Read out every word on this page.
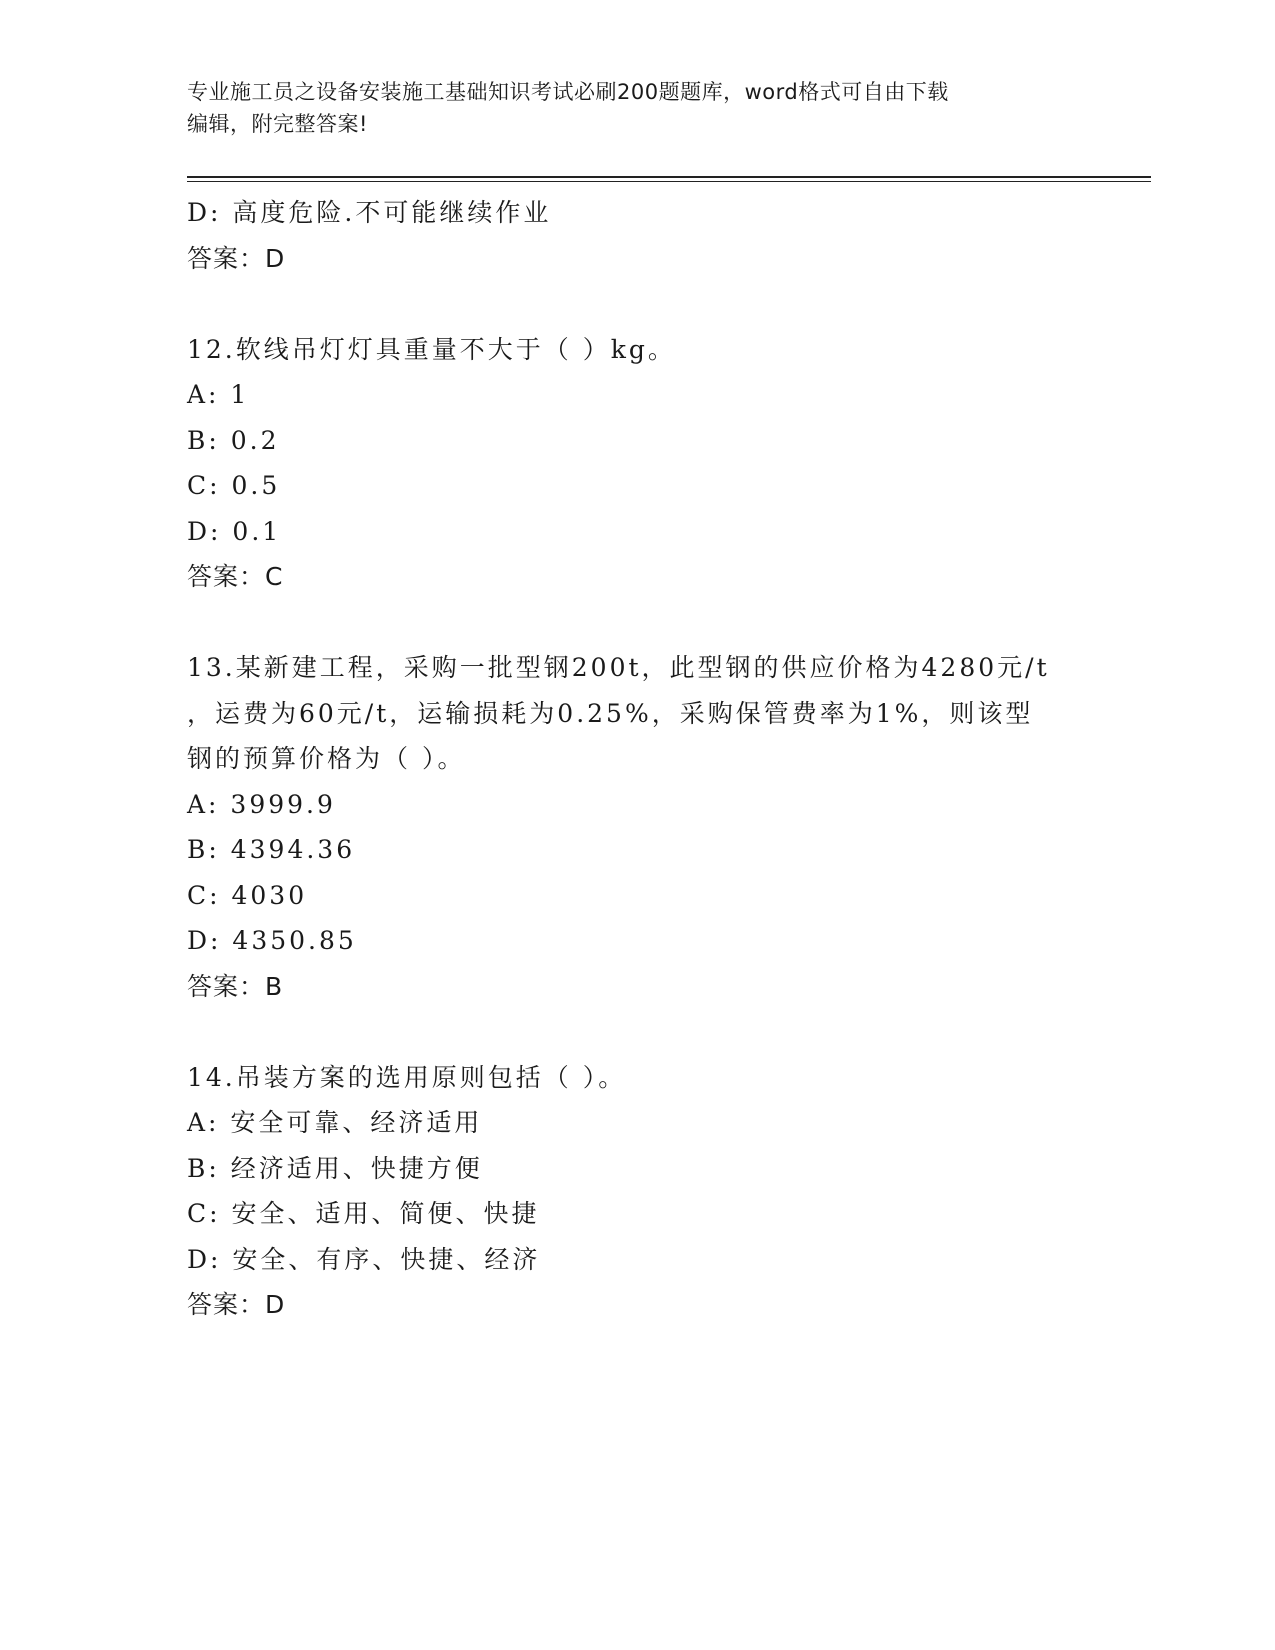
专业施工员之设备安装施工基础知识考试必刷200题题库，word格式可自由下载
编辑，附完整答案!
D: 高度危险.不可能继续作业
答案：D
12.软线吊灯灯具重量不大于（ ）kg。
A: 1
B: 0.2
C: 0.5
D: 0.1
答案：C
13.某新建工程，采购一批型钢200t，此型钢的供应价格为4280元/t
，运费为60元/t，运输损耗为0.25%，采购保管费率为1%，则该型
钢的预算价格为（ ）。
A: 3999.9
B: 4394.36
C: 4030
D: 4350.85
答案：B
14.吊装方案的选用原则包括（ ）。
A: 安全可靠、经济适用
B: 经济适用、快捷方便
C: 安全、适用、简便、快捷
D: 安全、有序、快捷、经济
答案：D
